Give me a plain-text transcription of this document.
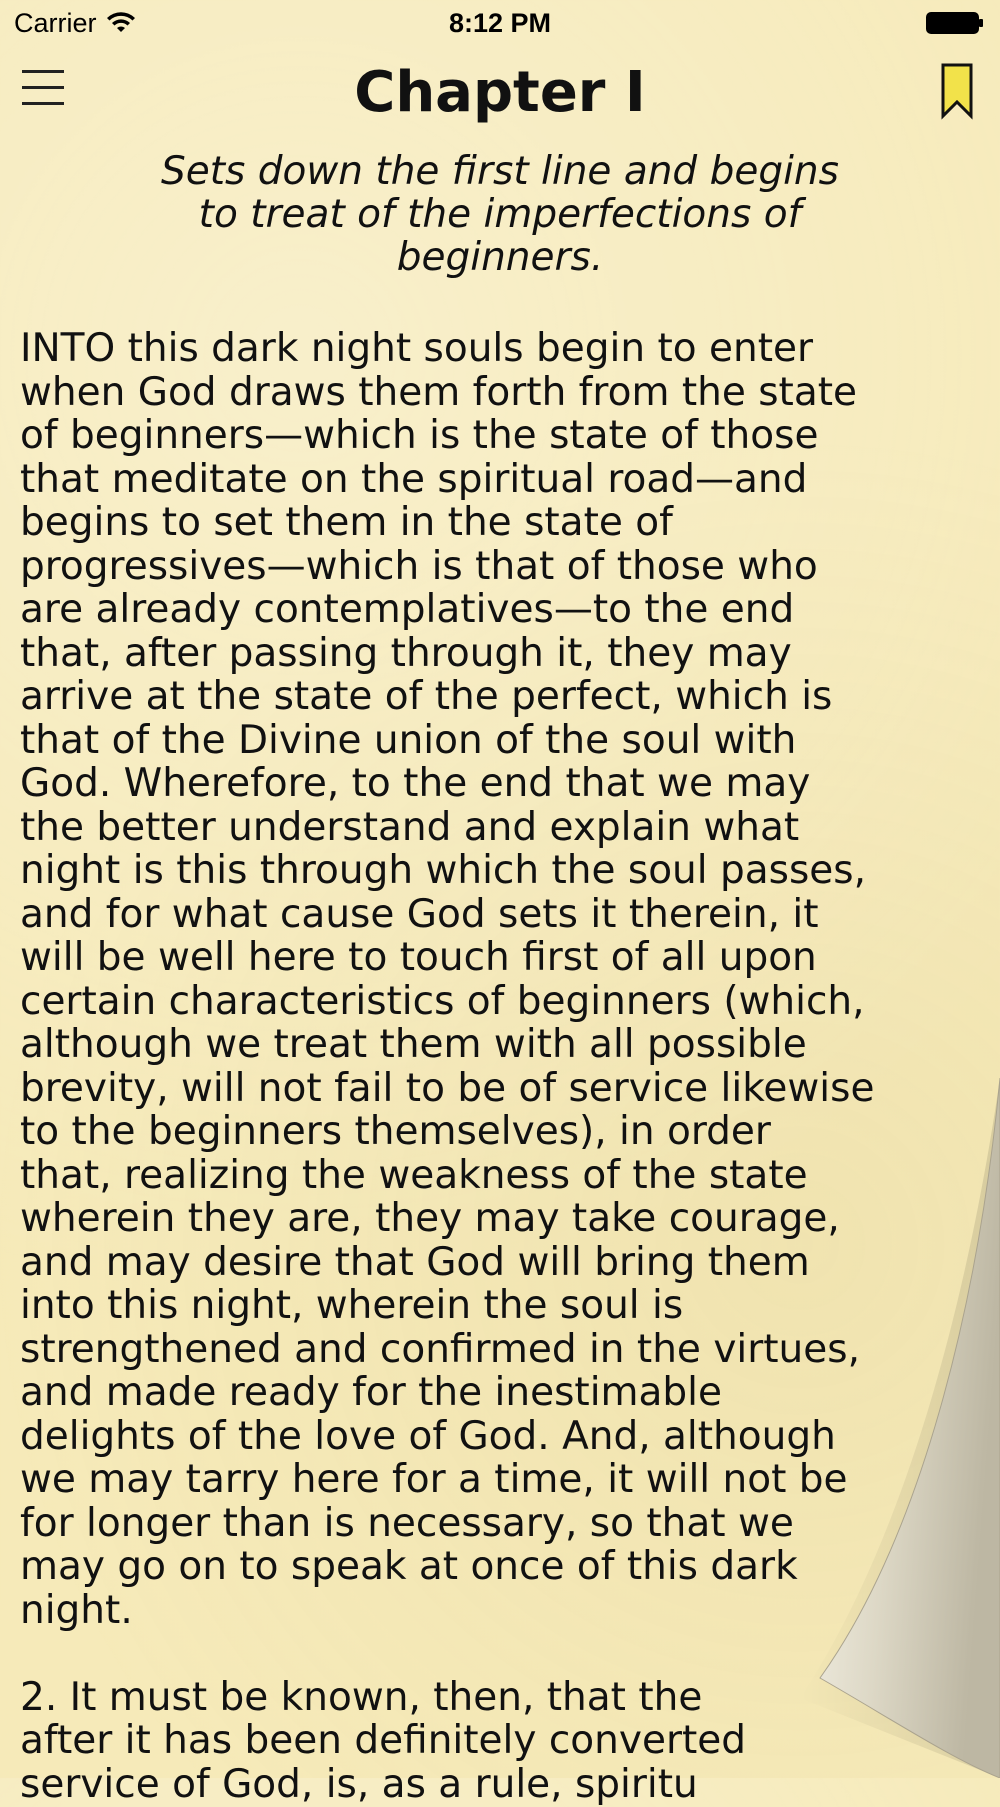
Carrier	8:12 PM
Chapter I
Sets down the first line and begins
to treat of the imperfections of
beginners.
INTO this dark night souls begin to enter
when God draws them forth from the state
of beginners—which is the state of those
that meditate on the spiritual road—and
begins to set them in the state of
progressives—which is that of those who
are already contemplatives—to the end
that, after passing through it, they may
arrive at the state of the perfect, which is
that of the Divine union of the soul with
God. Wherefore, to the end that we may
the better understand and explain what
night is this through which the soul passes,
and for what cause God sets it therein, it
will be well here to touch first of all upon
certain characteristics of beginners (which,
although we treat them with all possible
brevity, will not fail to be of service likewise
to the beginners themselves), in order
that, realizing the weakness of the state
wherein they are, they may take courage,
and may desire that God will bring them
into this night, wherein the soul is
strengthened and confirmed in the virtues,
and made ready for the inestimable
delights of the love of God. And, although
we may tarry here for a time, it will not be
for longer than is necessary, so that we
may go on to speak at once of this dark
night.
2. It must be known, then, that the
after it has been definitely converted
service of God, is, as a rule, spiritu
